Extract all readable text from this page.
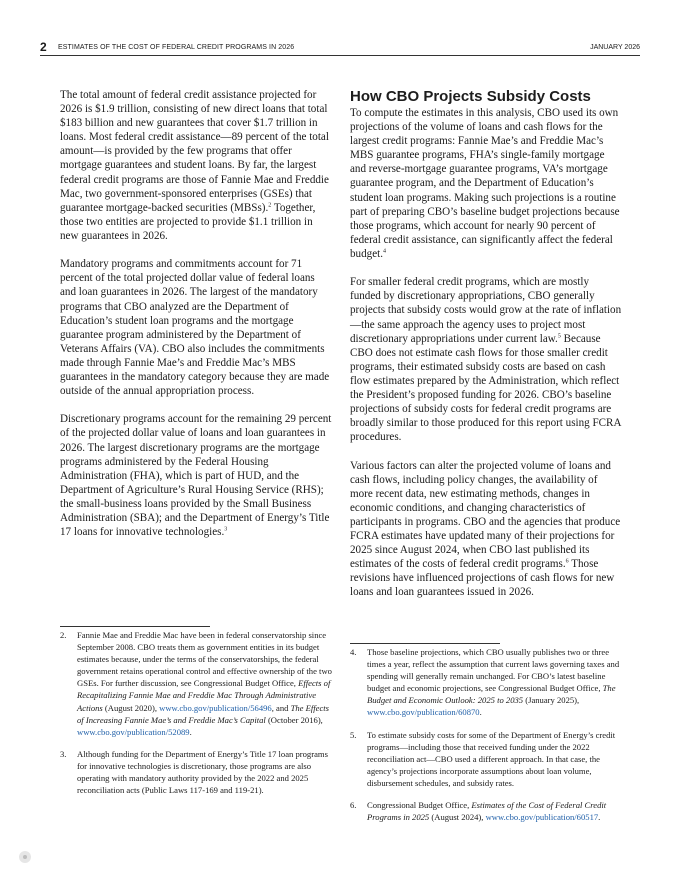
2 ESTIMATES OF THE COST OF FEDERAL CREDIT PROGRAMS IN 2026	JANUARY 2026

The total amount of federal credit assistance projected for 2026 is $1.9 trillion, consisting of new direct loans that total $183 billion and new guarantees that cover $1.7 trillion in loans. Most federal credit assistance—89 percent of the total amount—is provided by the few programs that offer mortgage guarantees and student loans. By far, the largest federal credit programs are those of Fannie Mae and Freddie Mac, two government-sponsored enterprises (GSEs) that guarantee mortgage-backed securities (MBSs).$^2$ Together, those two entities are projected to provide $1.1 trillion in new guarantees in 2026.

Mandatory programs and commitments account for 71 percent of the total projected dollar value of federal loans and loan guarantees in 2026. The largest of the mandatory programs that CBO analyzed are the Department of Education’s student loan programs and the mortgage guarantee program administered by the Department of Veterans Affairs (VA). CBO also includes the commitments made through Fannie Mae’s and Freddie Mac’s MBS guarantees in the mandatory category because they are made outside of the annual appropriation process.

Discretionary programs account for the remaining 29 percent of the projected dollar value of loans and loan guarantees in 2026. The largest discretionary programs are the mortgage programs administered by the Federal Housing Administration (FHA), which is part of HUD, and the Department of Agriculture’s Rural Housing Service (RHS); the small-business loans provided by the Small Business Administration (SBA); and the Department of Energy’s Title 17 loans for innovative technologies.$^3$

How CBO Projects Subsidy Costs

To compute the estimates in this analysis, CBO used its own projections of the volume of loans and cash flows for the largest credit programs: Fannie Mae’s and Freddie Mac’s MBS guarantee programs, FHA’s single-family mortgage and reverse-mortgage guarantee programs, VA’s mortgage guarantee program, and the Department of Education’s student loan programs. Making such projections is a routine part of preparing CBO’s baseline budget projections because those programs, which account for nearly 90 percent of federal credit assistance, can significantly affect the federal budget.$^4$

For smaller federal credit programs, which are mostly funded by discretionary appropriations, CBO generally projects that subsidy costs would grow at the rate of inflation—the same approach the agency uses to project most discretionary appropriations under current law.$^5$ Because CBO does not estimate cash flows for those smaller credit programs, their estimated subsidy costs are based on cash flow estimates prepared by the Administration, which reflect the President’s proposed funding for 2026. CBO’s baseline projections of subsidy costs for federal credit programs are broadly similar to those produced for this report using FCRA procedures.

Various factors can alter the projected volume of loans and cash flows, including policy changes, the availability of more recent data, new estimating methods, changes in economic conditions, and changing characteristics of participants in programs. CBO and the agencies that produce FCRA estimates have updated many of their projections for 2025 since August 2024, when CBO last published its estimates of the costs of federal credit programs.$^6$ Those revisions have influenced projections of cash flows for new loans and loan guarantees issued in 2026.

2. Fannie Mae and Freddie Mac have been in federal conservatorship since September 2008. CBO treats them as government entities in its budget estimates because, under the terms of the conservatorships, the federal government retains operational control and effective ownership of the two GSEs. For further discussion, see Congressional Budget Office, Effects of Recapitalizing Fannie Mae and Freddie Mac Through Administrative Actions (August 2020), www.cbo.gov/publication/56496, and The Effects of Increasing Fannie Mae’s and Freddie Mac’s Capital (October 2016), www.cbo.gov/publication/52089.
3. Although funding for the Department of Energy’s Title 17 loan programs for innovative technologies is discretionary, those programs are also operating with mandatory authority provided by the 2022 and 2025 reconciliation acts (Public Laws 117-169 and 119-21).
4. Those baseline projections, which CBO usually publishes two or three times a year, reflect the assumption that current laws governing taxes and spending will generally remain unchanged. For CBO’s latest baseline budget and economic projections, see Congressional Budget Office, The Budget and Economic Outlook: 2025 to 2035 (January 2025), www.cbo.gov/publication/60870.
5. To estimate subsidy costs for some of the Department of Energy’s credit programs—including those that received funding under the 2022 reconciliation act—CBO used a different approach. In that case, the agency’s projections incorporate assumptions about loan volume, disbursement schedules, and subsidy rates.
6. Congressional Budget Office, Estimates of the Cost of Federal Credit Programs in 2025 (August 2024), www.cbo.gov/publication/60517.
